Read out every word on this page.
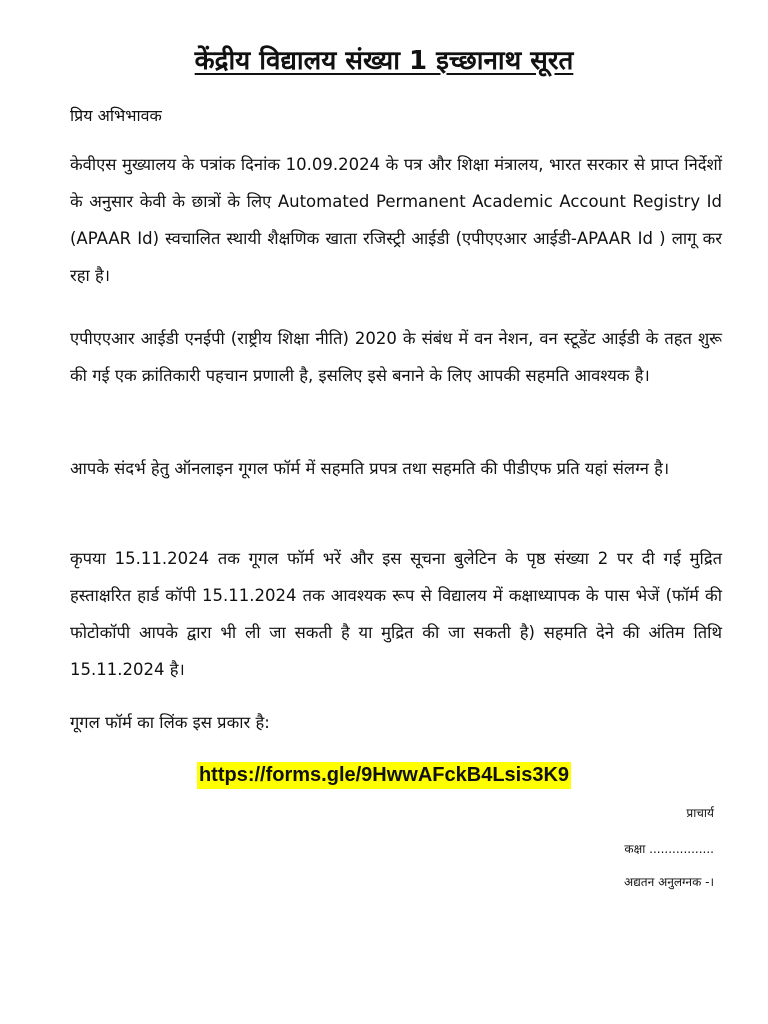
केंद्रीय विद्यालय संख्या 1 इच्छानाथ सूरत
प्रिय अभिभावक

केवीएस मुख्यालय के पत्रांक दिनांक 10.09.2024 के पत्र और शिक्षा मंत्रालय, भारत सरकार से प्राप्त निर्देशों के अनुसार केवी के छात्रों के लिए Automated Permanent Academic Account Registry Id (APAAR Id) स्वचालित स्थायी शैक्षणिक खाता रजिस्ट्री आईडी (एपीएएआर आईडी-APAAR Id ) लागू कर रहा है।

एपीएएआर आईडी एनईपी (राष्ट्रीय शिक्षा नीति) 2020 के संबंध में वन नेशन, वन स्टूडेंट आईडी के तहत शुरू की गई एक क्रांतिकारी पहचान प्रणाली है, इसलिए इसे बनाने के लिए आपकी सहमति आवश्यक है।

आपके संदर्भ हेतु ऑनलाइन गूगल फॉर्म में सहमति प्रपत्र तथा सहमति की पीडीएफ प्रति यहां संलग्न है।

कृपया 15.11.2024 तक गूगल फॉर्म भरें और इस सूचना बुलेटिन के पृष्ठ संख्या 2 पर दी गई मुद्रित हस्ताक्षरित हार्ड कॉपी 15.11.2024 तक आवश्यक रूप से विद्यालय में कक्षाध्यापक के पास भेजें (फॉर्म की फोटोकॉपी आपके द्वारा भी ली जा सकती है या मुद्रित की जा सकती है) सहमति देने की अंतिम तिथि 15.11.2024 है।

गूगल फॉर्म का लिंक इस प्रकार है:
https://forms.gle/9HwwAFckB4Lsis3K9
प्राचार्य
कक्षा .................
अद्यतन अनुलग्नक -।
